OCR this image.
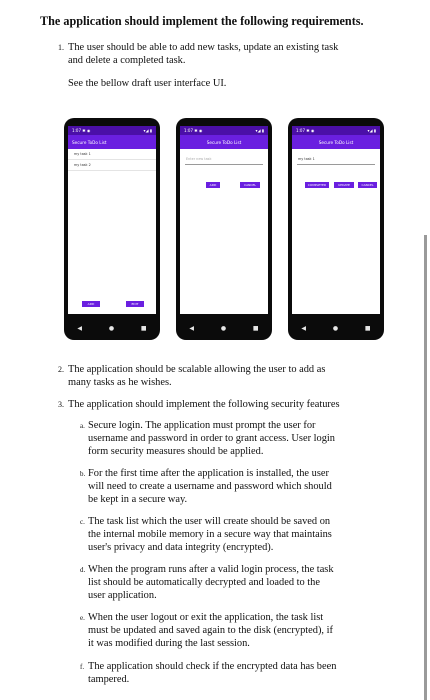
The application should implement the following requirements.
1. The user should be able to add new tasks, update an existing task
and delete a completed task.
See the bellow draft user interface UI.
1:07 ✱ ◉	▾◢ ▮
Secure ToDo List
my task 1
my task 2
ADD	EDIT
◀	●	■
1:07 ✱ ◉	▾◢ ▮
Secure ToDo List
Enter new task
ADD	CANCEL
◀	●	■
1:07 ✱ ◉	▾◢ ▮
Secure ToDo List
my task 1
COMPLETED	UPDATE	CANCEL
◀	●	■
2. The application should be scalable allowing the user to add as
many tasks as he wishes.
3. The application should implement the following security features
a. Secure login. The application must prompt the user for
username and password in order to grant access. User login
form security measures should be applied.
b. For the first time after the application is installed, the user
will need to create a username and password which should
be kept in a secure way.
c. The task list which the user will create should be saved on
the internal mobile memory in a secure way that maintains
user's privacy and data integrity (encrypted).
d. When the program runs after a valid login process, the task
list should be automatically decrypted and loaded to the
user application.
e. When the user logout or exit the application, the task list
must be updated and saved again to the disk (encrypted), if
it was modified during the last session.
f. The application should check if the encrypted data has been
tampered.
